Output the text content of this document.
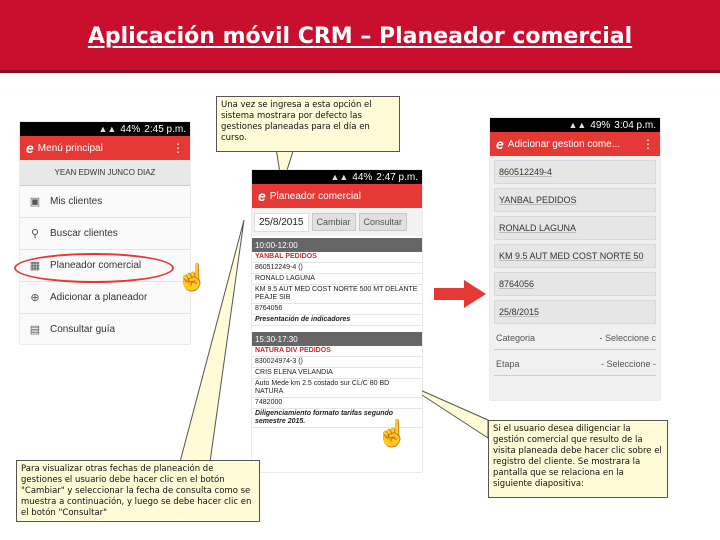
Aplicación móvil CRM – Planeador comercial
▲▲ 44% 2:45 p.m.
e Menú principal	⋮
YEAN EDWIN JUNCO DIAZ
▣ Mis clientes
⚲	Buscar clientes
▦ Planeador comercial
⊕	Adicionar a planeador
▤ Consultar guía
☝
▲▲ 44% 2:47 p.m.
e Planeador comercial
25/8/2015	Cambiar	Consultar
10:00-12:00
YANBAL PEDIDOS
860512249-4 ()
RONALD LAGUNA
KM 9.5 AUT MED COST NORTE 500 MT DELANTE PEAJE SIB
8764056
Presentación de indicadores
15:30-17:30
NATURA DIV PEDIDOS
830024974-3 ()
CRIS ELENA VELANDIA
Auto Mede km 2.5 costado sur CL/C 80 BD NATURA
7482000
Diligenciamiento formato tarifas segundo semestre 2015.	☝
▲▲ 49% 3:04 p.m.
e Adicionar gestion come... ⋮
860512249-4
YANBAL PEDIDOS
RONALD LAGUNA
KM 9.5 AUT MED COST NORTE 50
8764056
25/8/2015
Categoria	- Seleccione c
Etapa	- Seleccione -
Una vez se ingresa a esta opción el sistema mostrara por defecto las gestiones planeadas para el día en curso.
Para visualizar otras fechas de planeación de gestiones el usuario debe hacer clic en el botón "Cambiar" y seleccionar la fecha de consulta como se muestra a continuación, y luego se debe hacer clic en el botón "Consultar"
Si el usuario desea diligenciar la gestión comercial que resulto de la visita planeada debe hacer clic sobre el registro del cliente. Se mostrara la pantalla que se relaciona en la siguiente diapositiva:
